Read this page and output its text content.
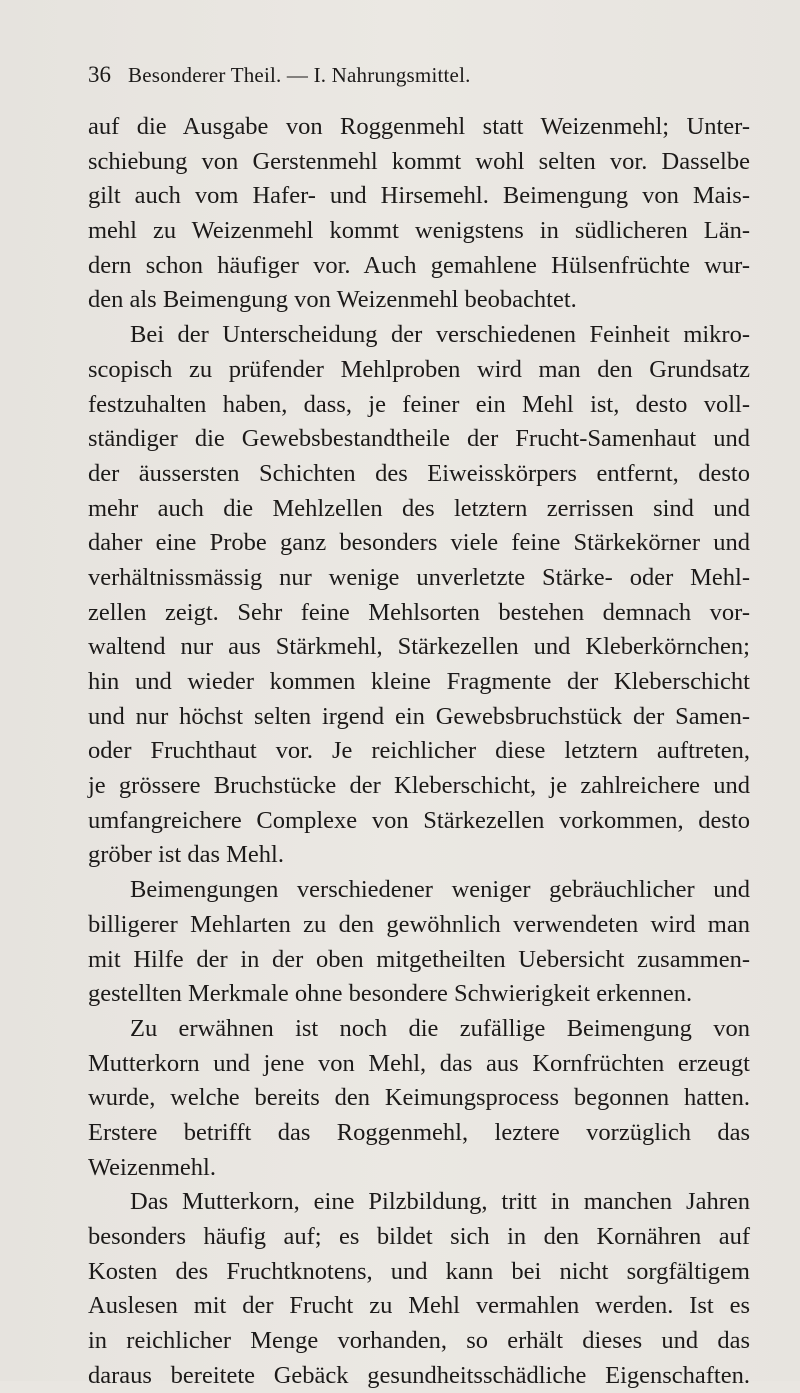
36 Besonderer Theil. — I. Nahrungsmittel.
auf die Ausgabe von Roggenmehl statt Weizenmehl; Unter-
schiebung von Gerstenmehl kommt wohl selten vor. Dasselbe
gilt auch vom Hafer- und Hirsemehl. Beimengung von Mais-
mehl zu Weizenmehl kommt wenigstens in südlicheren Län-
dern schon häufiger vor. Auch gemahlene Hülsenfrüchte wur-
den als Beimengung von Weizenmehl beobachtet.
Bei der Unterscheidung der verschiedenen Feinheit mikro-
scopisch zu prüfender Mehlproben wird man den Grundsatz
festzuhalten haben, dass, je feiner ein Mehl ist, desto voll-
ständiger die Gewebsbestandtheile der Frucht-Samenhaut und
der äussersten Schichten des Eiweisskörpers entfernt, desto
mehr auch die Mehlzellen des letztern zerrissen sind und
daher eine Probe ganz besonders viele feine Stärkekörner und
verhältnissmässig nur wenige unverletzte Stärke- oder Mehl-
zellen zeigt. Sehr feine Mehlsorten bestehen demnach vor-
waltend nur aus Stärkmehl, Stärkezellen und Kleberkörnchen;
hin und wieder kommen kleine Fragmente der Kleberschicht
und nur höchst selten irgend ein Gewebsbruchstück der Samen-
oder Fruchthaut vor. Je reichlicher diese letztern auftreten,
je grössere Bruchstücke der Kleberschicht, je zahlreichere und
umfangreichere Complexe von Stärkezellen vorkommen, desto
gröber ist das Mehl.
Beimengungen verschiedener weniger gebräuchlicher und
billigerer Mehlarten zu den gewöhnlich verwendeten wird man
mit Hilfe der in der oben mitgetheilten Uebersicht zusammen-
gestellten Merkmale ohne besondere Schwierigkeit erkennen.
Zu erwähnen ist noch die zufällige Beimengung von
Mutterkorn und jene von Mehl, das aus Kornfrüchten erzeugt
wurde, welche bereits den Keimungsprocess begonnen hatten.
Erstere betrifft das Roggenmehl, leztere vorzüglich das
Weizenmehl.
Das Mutterkorn, eine Pilzbildung, tritt in manchen Jahren
besonders häufig auf; es bildet sich in den Kornähren auf
Kosten des Fruchtknotens, und kann bei nicht sorgfältigem
Auslesen mit der Frucht zu Mehl vermahlen werden. Ist es
in reichlicher Menge vorhanden, so erhält dieses und das
daraus bereitete Gebäck gesundheitsschädliche Eigenschaften.
